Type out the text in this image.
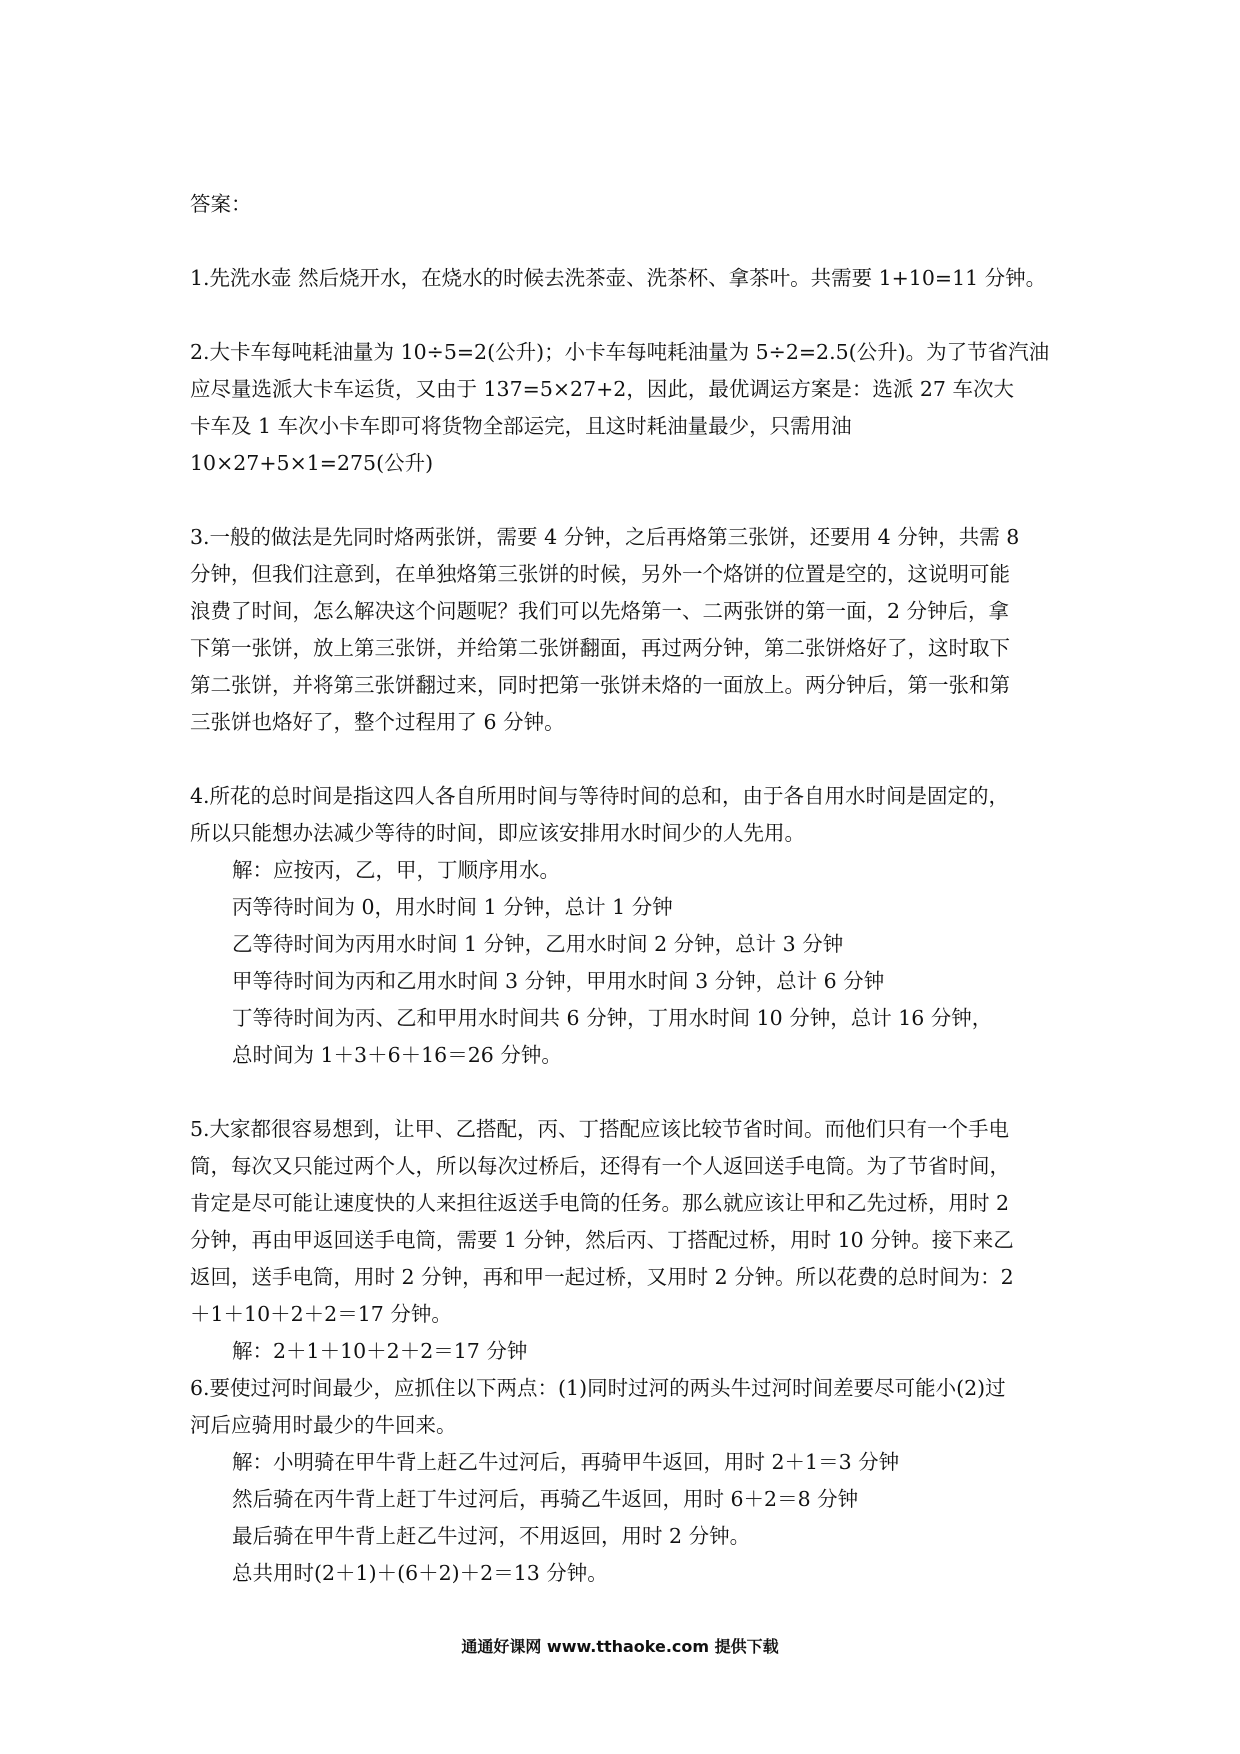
答案：

1.先洗水壶 然后烧开水，在烧水的时候去洗茶壶、洗茶杯、拿茶叶。共需要 1+10=11 分钟。

2.大卡车每吨耗油量为 10÷5=2(公升)；小卡车每吨耗油量为 5÷2=2.5(公升)。为了节省汽油

应尽量选派大卡车运货，又由于 137=5×27+2，因此，最优调运方案是：选派 27 车次大

卡车及 1 车次小卡车即可将货物全部运完，且这时耗油量最少，只需用油

10×27+5×1=275(公升)

3.一般的做法是先同时烙两张饼，需要 4 分钟，之后再烙第三张饼，还要用 4 分钟，共需 8

分钟，但我们注意到，在单独烙第三张饼的时候，另外一个烙饼的位置是空的，这说明可能

浪费了时间，怎么解决这个问题呢？我们可以先烙第一、二两张饼的第一面，2 分钟后，拿

下第一张饼，放上第三张饼，并给第二张饼翻面，再过两分钟，第二张饼烙好了，这时取下

第二张饼，并将第三张饼翻过来，同时把第一张饼未烙的一面放上。两分钟后，第一张和第

三张饼也烙好了，整个过程用了 6 分钟。

4.所花的总时间是指这四人各自所用时间与等待时间的总和，由于各自用水时间是固定的，

所以只能想办法减少等待的时间，即应该安排用水时间少的人先用。

解：应按丙，乙，甲，丁顺序用水。

丙等待时间为 0，用水时间 1 分钟，总计 1 分钟

乙等待时间为丙用水时间 1 分钟，乙用水时间 2 分钟，总计 3 分钟

甲等待时间为丙和乙用水时间 3 分钟，甲用水时间 3 分钟，总计 6 分钟

丁等待时间为丙、乙和甲用水时间共 6 分钟，丁用水时间 10 分钟，总计 16 分钟，

总时间为 1＋3＋6＋16＝26 分钟。

5.大家都很容易想到，让甲、乙搭配，丙、丁搭配应该比较节省时间。而他们只有一个手电

筒，每次又只能过两个人，所以每次过桥后，还得有一个人返回送手电筒。为了节省时间，

肯定是尽可能让速度快的人来担往返送手电筒的任务。那么就应该让甲和乙先过桥，用时 2

分钟，再由甲返回送手电筒，需要 1 分钟，然后丙、丁搭配过桥，用时 10 分钟。接下来乙

返回，送手电筒，用时 2 分钟，再和甲一起过桥，又用时 2 分钟。所以花费的总时间为：2

＋1＋10＋2＋2＝17 分钟。

解：2＋1＋10＋2＋2＝17 分钟

6.要使过河时间最少，应抓住以下两点：(1)同时过河的两头牛过河时间差要尽可能小(2)过

河后应骑用时最少的牛回来。

解：小明骑在甲牛背上赶乙牛过河后，再骑甲牛返回，用时 2＋1＝3 分钟

然后骑在丙牛背上赶丁牛过河后，再骑乙牛返回，用时 6＋2＝8 分钟

最后骑在甲牛背上赶乙牛过河，不用返回，用时 2 分钟。

总共用时(2＋1)＋(6＋2)＋2＝13 分钟。

通通好课网 www.tthaoke.com 提供下载
